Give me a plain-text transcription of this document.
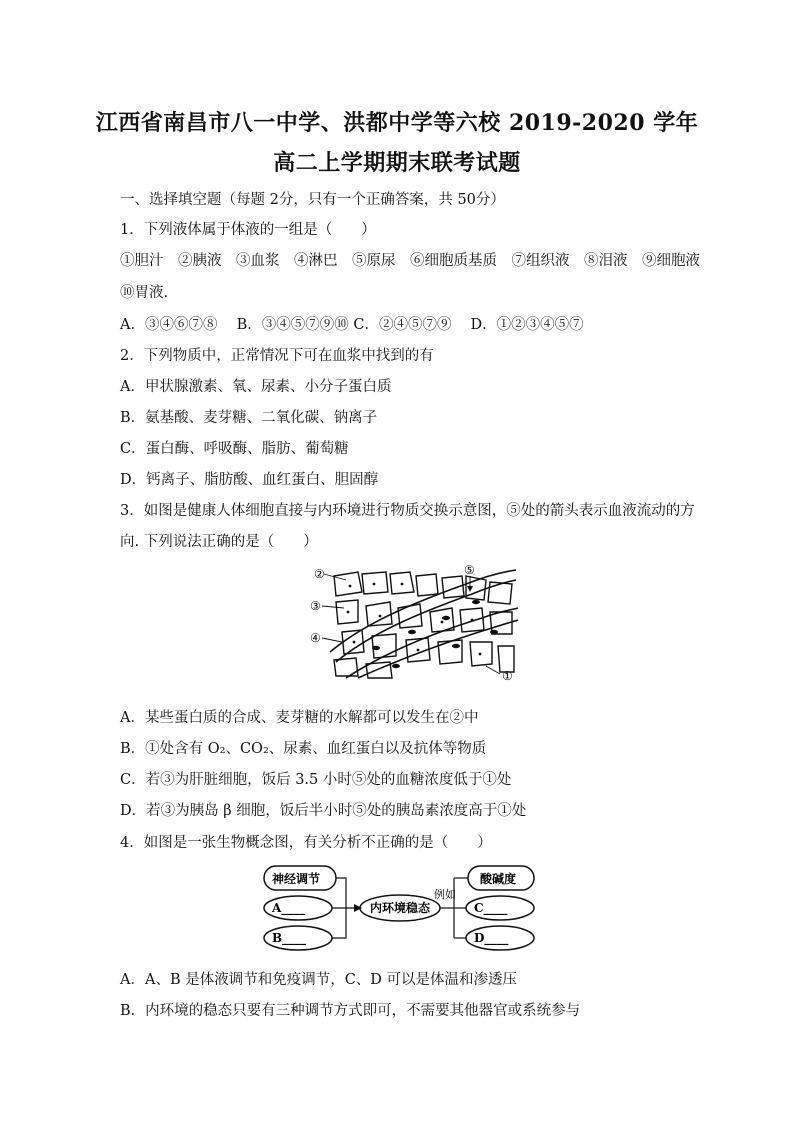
江西省南昌市八一中学、洪都中学等六校 2019-2020 学年
高二上学期期末联考试题
一、选择填空题（每题 2分，只有一个正确答案，共 50分）
1．下列液体属于体液的一组是（　　）
①胆汁　②胰液　③血浆　④淋巴　⑤原尿　⑥细胞质基质　⑦组织液　⑧泪液　⑨细胞液
⑩胃液.
A．③④⑥⑦⑧　 B．③④⑤⑦⑨⑩ C．②④⑤⑦⑨　 D．①②③④⑤⑦
2．下列物质中，正常情况下可在血浆中找到的有
A．甲状腺激素、氧、尿素、小分子蛋白质
B．氨基酸、麦芽糖、二氧化碳、钠离子
C．蛋白酶、呼吸酶、脂肪、葡萄糖
D．钙离子、脂肪酸、血红蛋白、胆固醇
3．如图是健康人体细胞直接与内环境进行物质交换示意图，⑤处的箭头表示血液流动的方
向. 下列说法正确的是（　　）
②
③
④
⑤
①
A．某些蛋白质的合成、麦芽糖的水解都可以发生在②中
B．①处含有 O₂、CO₂、尿素、血红蛋白以及抗体等物质
C．若③为肝脏细胞，饭后 3.5 小时⑤处的血糖浓度低于①处
D．若③为胰岛 β 细胞，饭后半小时⑤处的胰岛素浓度高于①处
4．如图是一张生物概念图，有关分析不正确的是（　　）
神经调节
A____
B____
内环境稳态
酸碱度
C____
D____
例如
A．A、B 是体液调节和免疫调节，C、D 可以是体温和渗透压
B．内环境的稳态只要有三种调节方式即可，不需要其他器官或系统参与
